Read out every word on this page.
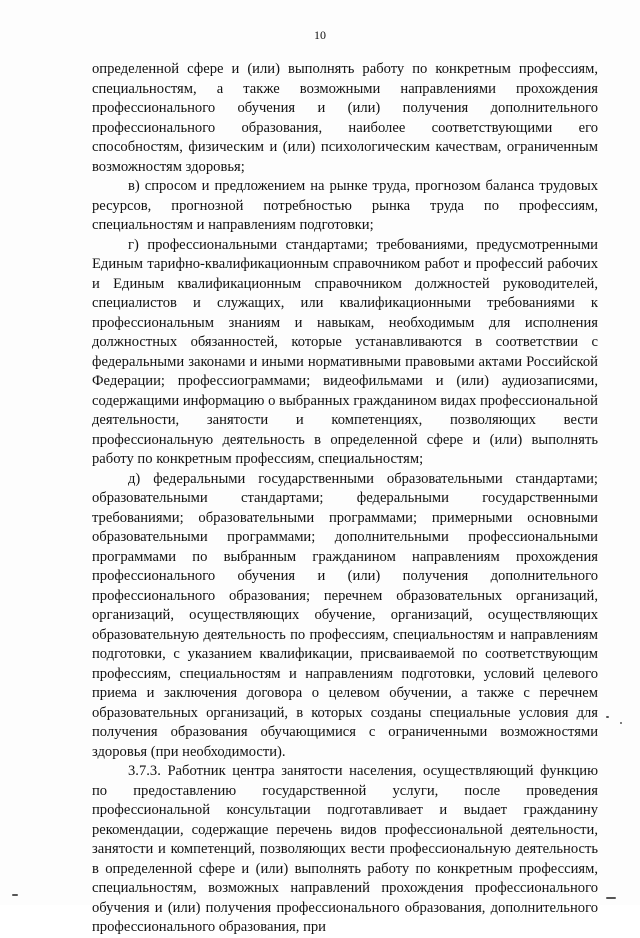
10

определенной сфере и (или) выполнять работу по конкретным профессиям, специальностям, а также возможными направлениями прохождения профессионального обучения и (или) получения дополнительного профессионального образования, наиболее соответствующими его способностям, физическим и (или) психологическим качествам, ограниченным возможностям здоровья;

в) спросом и предложением на рынке труда, прогнозом баланса трудовых ресурсов, прогнозной потребностью рынка труда по профессиям, специальностям и направлениям подготовки;

г) профессиональными стандартами; требованиями, предусмотренными Единым тарифно-квалификационным справочником работ и профессий рабочих и Единым квалификационным справочником должностей руководителей, специалистов и служащих, или квалификационными требованиями к профессиональным знаниям и навыкам, необходимым для исполнения должностных обязанностей, которые устанавливаются в соответствии с федеральными законами и иными нормативными правовыми актами Российской Федерации; профессиограммами; видеофильмами и (или) аудиозаписями, содержащими информацию о выбранных гражданином видах профессиональной деятельности, занятости и компетенциях, позволяющих вести профессиональную деятельность в определенной сфере и (или) выполнять работу по конкретным профессиям, специальностям;

д) федеральными государственными образовательными стандартами; образовательными стандартами; федеральными государственными требованиями; образовательными программами; примерными основными образовательными программами; дополнительными профессиональными программами по выбранным гражданином направлениям прохождения профессионального обучения и (или) получения дополнительного профессионального образования; перечнем образовательных организаций, организаций, осуществляющих обучение, организаций, осуществляющих образовательную деятельность по профессиям, специальностям и направлениям подготовки, с указанием квалификации, присваиваемой по соответствующим профессиям, специальностям и направлениям подготовки, условий целевого приема и заключения договора о целевом обучении, а также с перечнем образовательных организаций, в которых созданы специальные условия для получения образования обучающимися с ограниченными возможностями здоровья (при необходимости).

3.7.3. Работник центра занятости населения, осуществляющий функцию по предоставлению государственной услуги, после проведения профессиональной консультации подготавливает и выдает гражданину рекомендации, содержащие перечень видов профессиональной деятельности, занятости и компетенций, позволяющих вести профессиональную деятельность в определенной сфере и (или) выполнять работу по конкретным профессиям, специальностям, возможных направлений прохождения профессионального обучения и (или) получения профессионального образования, дополнительного профессионального образования, при
